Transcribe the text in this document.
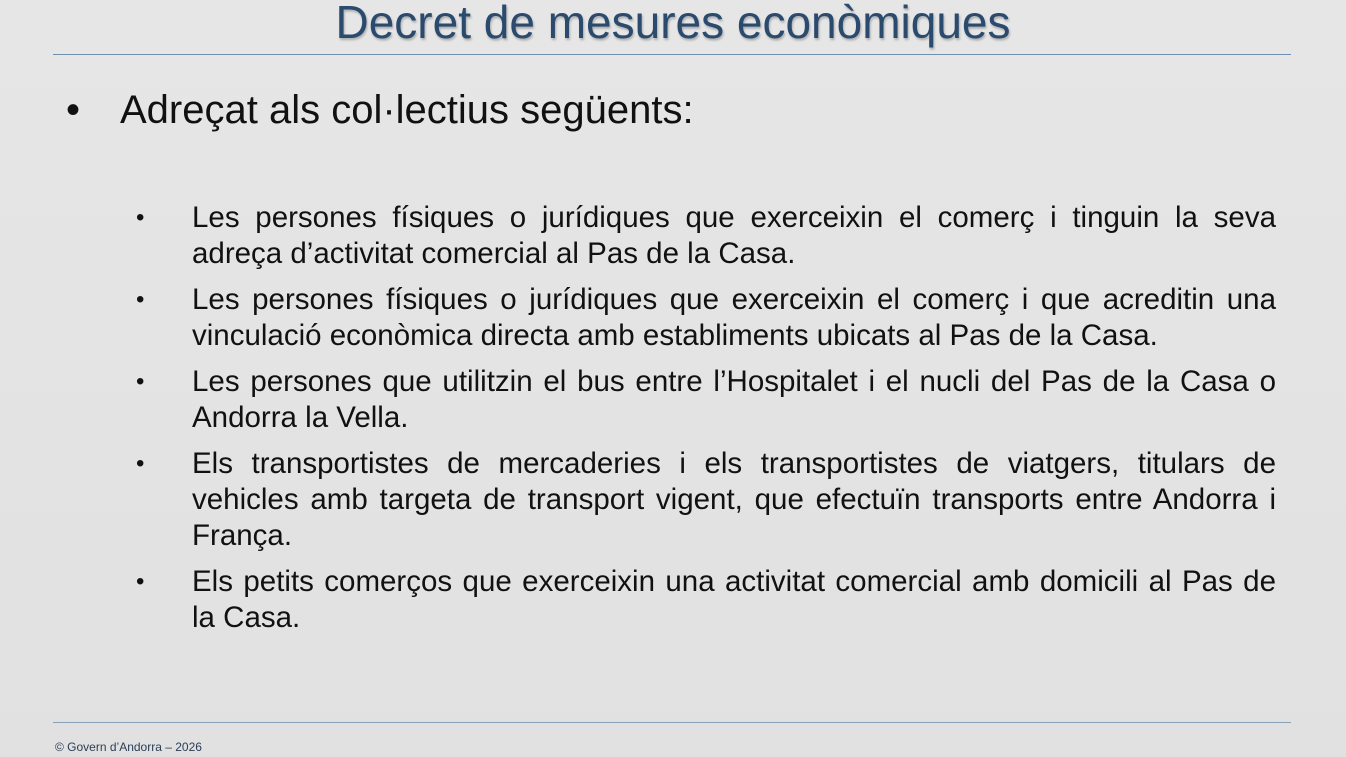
Decret de mesures econòmiques
• Adreçat als col·lectius següents:
• Les persones físiques o jurídiques que exerceixin el comerç i tinguin la seva adreça d’activitat comercial al Pas de la Casa.
• Les persones físiques o jurídiques que exerceixin el comerç i que acreditin una vinculació econòmica directa amb establiments ubicats al Pas de la Casa.
• Les persones que utilitzin el bus entre l’Hospitalet i el nucli del Pas de la Casa o Andorra la Vella.
• Els transportistes de mercaderies i els transportistes de viatgers, titulars de vehicles amb targeta de transport vigent, que efectuïn transports entre Andorra i França.
• Els petits comerços que exerceixin una activitat comercial amb domicili al Pas de la Casa.
© Govern d’Andorra – 2026
